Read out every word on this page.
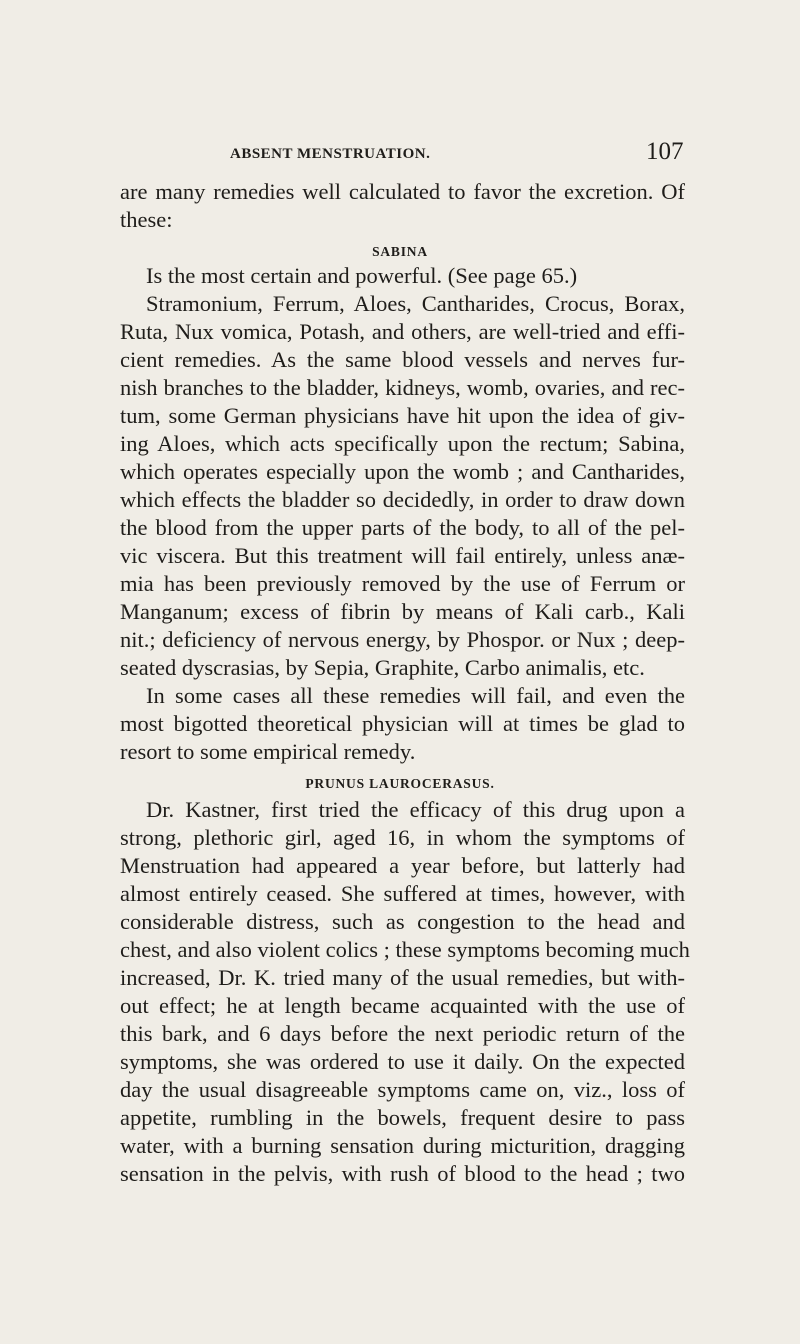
ABSENT MENSTRUATION.	107
are many remedies well calculated to favor the excretion. Of
these:
SABINA
Is the most certain and powerful. (See page 65.)
Stramonium, Ferrum, Aloes, Cantharides, Crocus, Borax,
Ruta, Nux vomica, Potash, and others, are well-tried and effi-
cient remedies. As the same blood vessels and nerves fur-
nish branches to the bladder, kidneys, womb, ovaries, and rec-
tum, some German physicians have hit upon the idea of giv-
ing Aloes, which acts specifically upon the rectum; Sabina,
which operates especially upon the womb ; and Cantharides,
which effects the bladder so decidedly, in order to draw down
the blood from the upper parts of the body, to all of the pel-
vic viscera. But this treatment will fail entirely, unless anæ-
mia has been previously removed by the use of Ferrum or
Manganum; excess of fibrin by means of Kali carb., Kali
nit.; deficiency of nervous energy, by Phospor. or Nux ; deep-
seated dyscrasias, by Sepia, Graphite, Carbo animalis, etc.
In some cases all these remedies will fail, and even the
most bigotted theoretical physician will at times be glad to
resort to some empirical remedy.
PRUNUS LAUROCERASUS.
Dr. Kastner, first tried the efficacy of this drug upon a
strong, plethoric girl, aged 16, in whom the symptoms of
Menstruation had appeared a year before, but latterly had
almost entirely ceased. She suffered at times, however, with
considerable distress, such as congestion to the head and
chest, and also violent colics ; these symptoms becoming much
increased, Dr. K. tried many of the usual remedies, but with-
out effect; he at length became acquainted with the use of
this bark, and 6 days before the next periodic return of the
symptoms, she was ordered to use it daily. On the expected
day the usual disagreeable symptoms came on, viz., loss of
appetite, rumbling in the bowels, frequent desire to pass
water, with a burning sensation during micturition, dragging
sensation in the pelvis, with rush of blood to the head ; two
